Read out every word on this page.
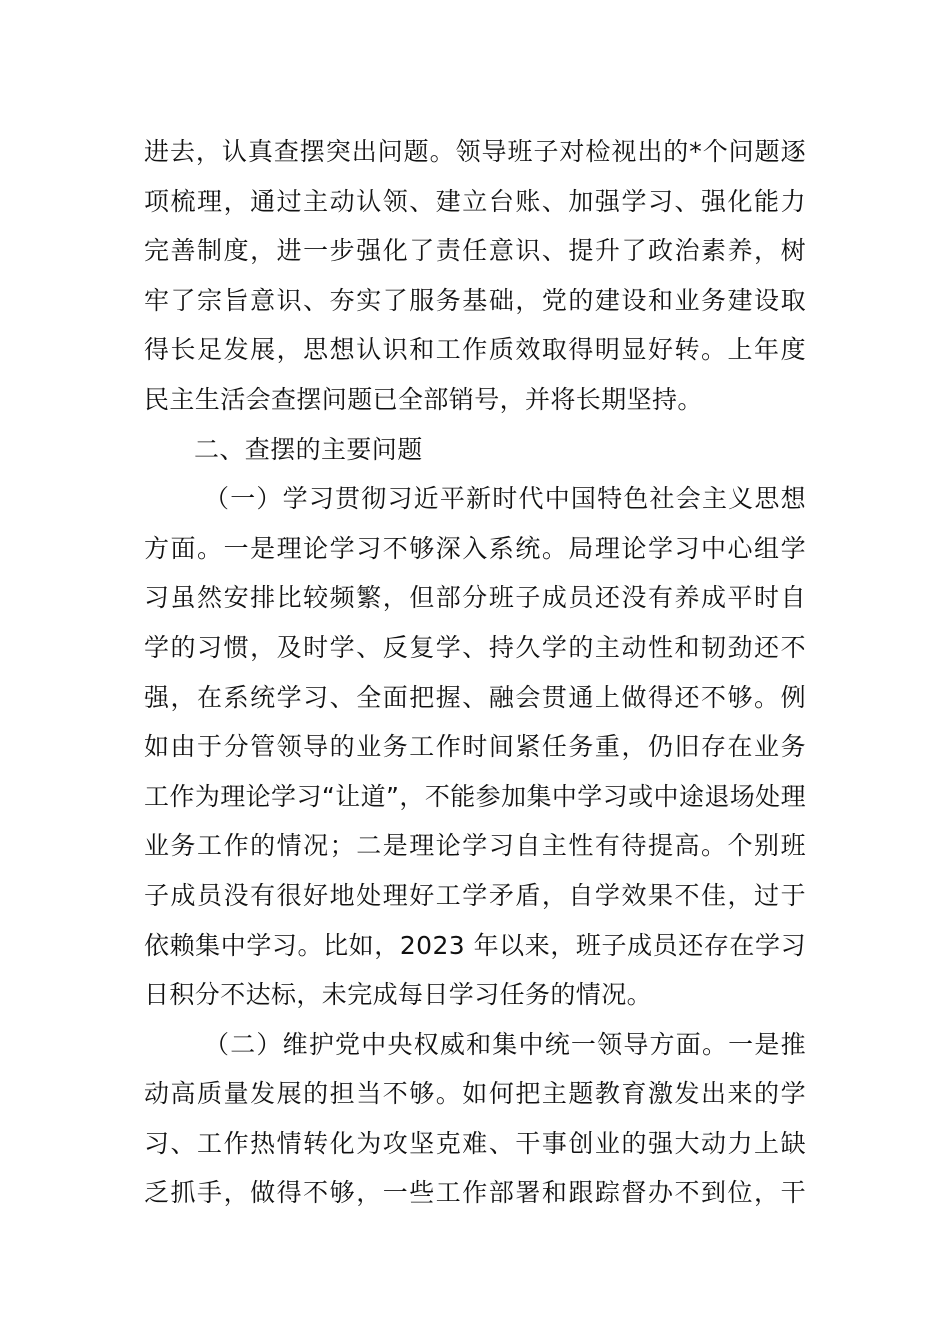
进去，认真查摆突出问题。领导班子对检视出的*个问题逐
项梳理，通过主动认领、建立台账、加强学习、强化能力
完善制度，进一步强化了责任意识、提升了政治素养，树
牢了宗旨意识、夯实了服务基础，党的建设和业务建设取
得长足发展，思想认识和工作质效取得明显好转。上年度
民主生活会查摆问题已全部销号，并将长期坚持。
二、查摆的主要问题
（一）学习贯彻习近平新时代中国特色社会主义思想
方面。一是理论学习不够深入系统。局理论学习中心组学
习虽然安排比较频繁，但部分班子成员还没有养成平时自
学的习惯，及时学、反复学、持久学的主动性和韧劲还不
强，在系统学习、全面把握、融会贯通上做得还不够。例
如由于分管领导的业务工作时间紧任务重，仍旧存在业务
工作为理论学习“让道”，不能参加集中学习或中途退场处理
业务工作的情况；二是理论学习自主性有待提高。个别班
子成员没有很好地处理好工学矛盾，自学效果不佳，过于
依赖集中学习。比如，2023 年以来，班子成员还存在学习
日积分不达标，未完成每日学习任务的情况。
（二）维护党中央权威和集中统一领导方面。一是推
动高质量发展的担当不够。如何把主题教育激发出来的学
习、工作热情转化为攻坚克难、干事创业的强大动力上缺
乏抓手，做得不够，一些工作部署和跟踪督办不到位，干
